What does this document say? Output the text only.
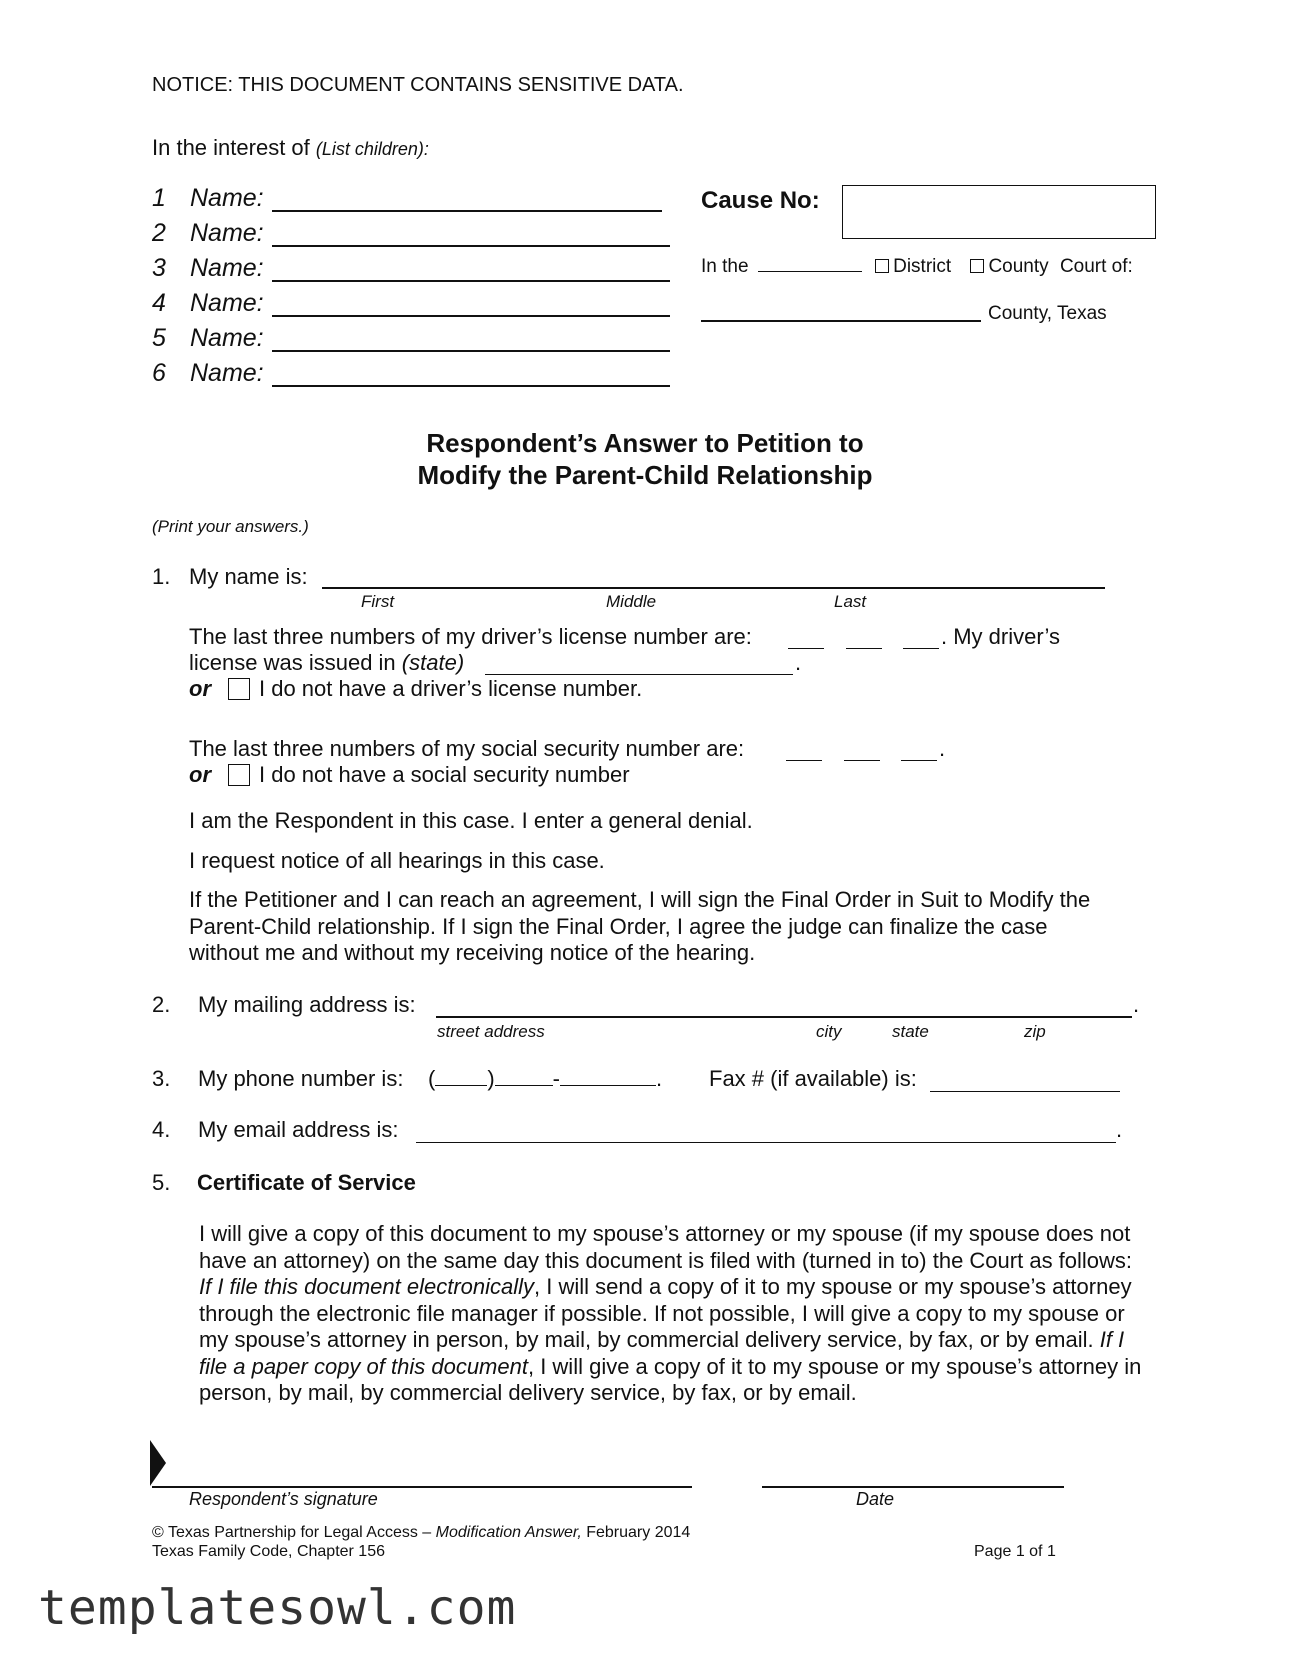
NOTICE: THIS DOCUMENT CONTAINS SENSITIVE DATA.
In the interest of (List children):
1 Name:
2 Name:
3 Name:
4 Name:
5 Name:
6 Name:
Cause No:
In the	District County Court of:
County, Texas
Respondent’s Answer to Petition to
Modify the Parent-Child Relationship
(Print your answers.)
1. My name is:
First	Middle	Last
The last three numbers of my driver’s license number are:	. My driver’s
license was issued in (state)	.
or I do not have a driver’s license number.
The last three numbers of my social security number are:	.
or I do not have a social security number
I am the Respondent in this case. I enter a general denial.
I request notice of all hearings in this case.
If the Petitioner and I can reach an agreement, I will sign the Final Order in Suit to Modify the Parent-Child relationship. If I sign the Final Order, I agree the judge can finalize the case without me and without my receiving notice of the hearing.
2. My mailing address is:	.
street address	city	state	zip
3. My phone number is: ( )	-	. Fax # (if available) is:
4. My email address is:	.
5. Certificate of Service
I will give a copy of this document to my spouse’s attorney or my spouse (if my spouse does not have an attorney) on the same day this document is filed with (turned in to) the Court as follows: If I file this document electronically, I will send a copy of it to my spouse or my spouse’s attorney through the electronic file manager if possible. If not possible, I will give a copy to my spouse or my spouse’s attorney in person, by mail, by commercial delivery service, by fax, or by email. If I file a paper copy of this document, I will give a copy of it to my spouse or my spouse’s attorney in person, by mail, by commercial delivery service, by fax, or by email.
Respondent’s signature	Date
© Texas Partnership for Legal Access – Modification Answer, February 2014
Texas Family Code, Chapter 156	Page 1 of 1
templatesowl.com
